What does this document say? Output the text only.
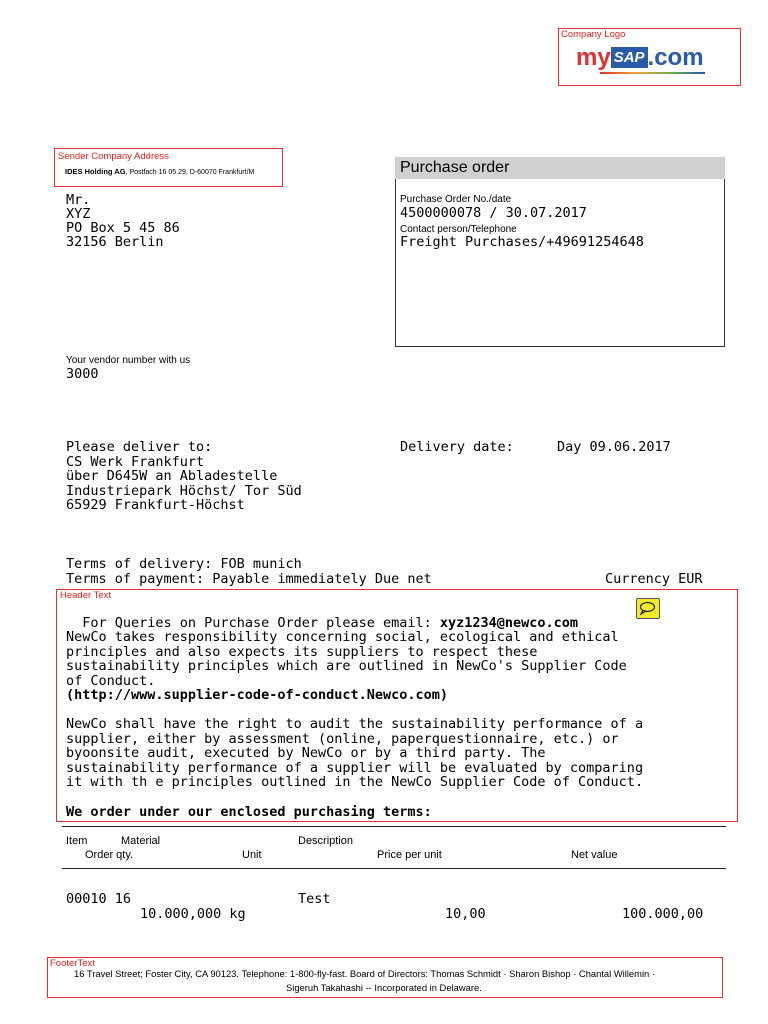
Company Logo
my SAP .com
Sender Company Address
IDES Holding AG, Postfach 16 05 29, D-60070 Frankfurt/M
Mr.
XYZ
PO Box 5 45 86
32156 Berlin
Purchase order
Purchase Order No./date
4500000078 / 30.07.2017
Contact person/Telephone
Freight Purchases/+49691254648
Your vendor number with us
3000
Please deliver to:
CS Werk Frankfurt
über D645W an Abladestelle
Industriepark Höchst/ Tor Süd
65929 Frankfurt-Höchst
Delivery date:	Day 09.06.2017
Terms of delivery: FOB munich
Terms of payment: Payable immediately Due net	Currency EUR
Header Text

For Queries on Purchase Order please email: xyz1234@newco.com

NewCo takes responsibility concerning social, ecological and ethical
principles and also expects its suppliers to respect these
sustainability principles which are outlined in NewCo's Supplier Code
of Conduct.
(http://www.supplier-code-of-conduct.Newco.com)
NewCo shall have the right to audit the sustainability performance of a
supplier, either by assessment (online, paperquestionnaire, etc.) or
byoonsite audit, executed by NewCo or by a third party. The
sustainability performance of a supplier will be evaluated by comparing
it with th e principles outlined in the NewCo Supplier Code of Conduct.
We order under our enclosed purchasing terms:
Item	Material	Description
Order qty.	Unit	Price per unit	Net value
00010 16	Test
10.000,000 kg	10,00	100.000,00
FooterText
16 Travel Street; Foster City, CA 90123. Telephone: 1-800-fly-fast. Board of Directors: Thomas Schmidt · Sharon Bishop · Chantal Willemin ·
Sigeruh Takahashi -- Incorporated in Delaware.
